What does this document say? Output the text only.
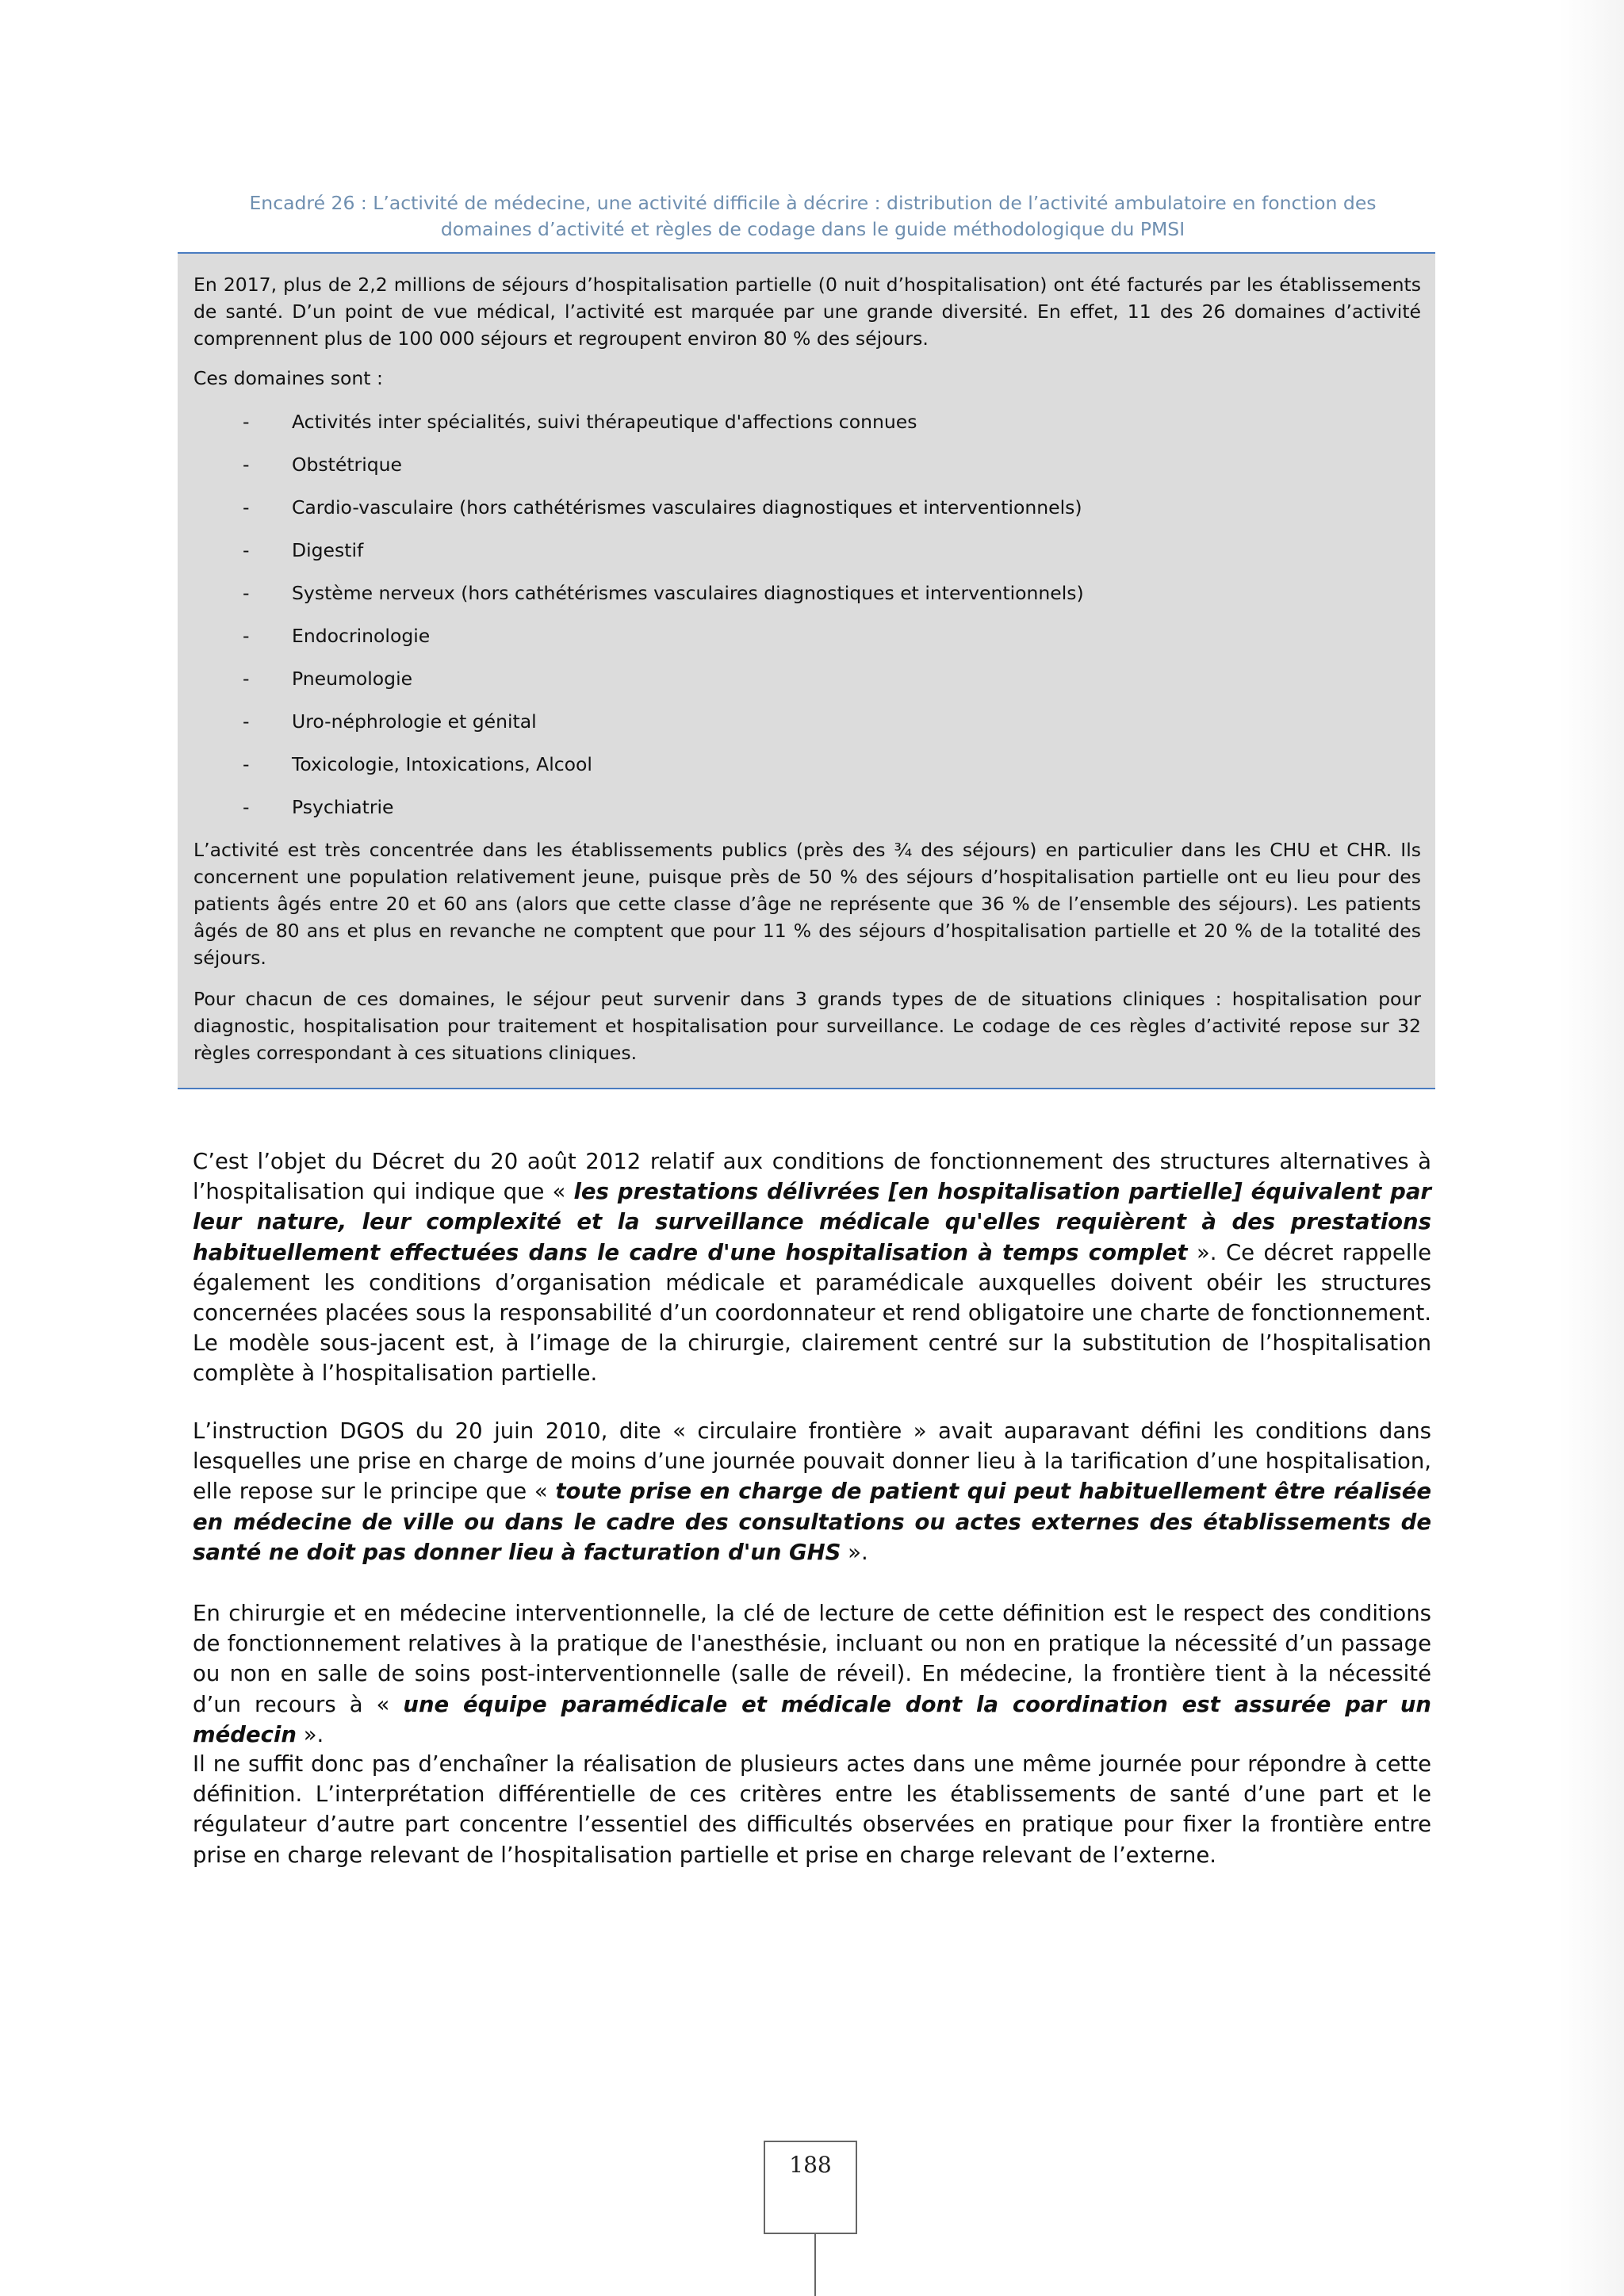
Encadré 26 : L’activité de médecine, une activité difficile à décrire : distribution de l’activité ambulatoire en fonction des
domaines d’activité et règles de codage dans le guide méthodologique du PMSI

En 2017, plus de 2,2 millions de séjours d’hospitalisation partielle (0 nuit d’hospitalisation) ont été facturés par les établissements de santé. D’un point de vue médical, l’activité est marquée par une grande diversité. En effet, 11 des 26 domaines d’activité comprennent plus de 100 000 séjours et regroupent environ 80 % des séjours.

Ces domaines sont :

- Activités inter spécialités, suivi thérapeutique d'affections connues
- Obstétrique
- Cardio-vasculaire (hors cathétérismes vasculaires diagnostiques et interventionnels)
- Digestif
- Système nerveux (hors cathétérismes vasculaires diagnostiques et interventionnels)
- Endocrinologie
- Pneumologie
- Uro-néphrologie et génital
- Toxicologie, Intoxications, Alcool
- Psychiatrie

L’activité est très concentrée dans les établissements publics (près des ¾ des séjours) en particulier dans les CHU et CHR. Ils concernent une population relativement jeune, puisque près de 50 % des séjours d’hospitalisation partielle ont eu lieu pour des patients âgés entre 20 et 60 ans (alors que cette classe d’âge ne représente que 36 % de l’ensemble des séjours). Les patients âgés de 80 ans et plus en revanche ne comptent que pour 11 % des séjours d’hospitalisation partielle et 20 % de la totalité des séjours.

Pour chacun de ces domaines, le séjour peut survenir dans 3 grands types de de situations cliniques : hospitalisation pour diagnostic, hospitalisation pour traitement et hospitalisation pour surveillance. Le codage de ces règles d’activité repose sur 32 règles correspondant à ces situations cliniques.

C’est l’objet du Décret du 20 août 2012 relatif aux conditions de fonctionnement des structures alternatives à l’hospitalisation qui indique que « les prestations délivrées [en hospitalisation partielle] équivalent par leur nature, leur complexité et la surveillance médicale qu'elles requièrent à des prestations habituellement effectuées dans le cadre d'une hospitalisation à temps complet ». Ce décret rappelle également les conditions d’organisation médicale et paramédicale auxquelles doivent obéir les structures concernées placées sous la responsabilité d’un coordonnateur et rend obligatoire une charte de fonctionnement. Le modèle sous-jacent est, à l’image de la chirurgie, clairement centré sur la substitution de l’hospitalisation complète à l’hospitalisation partielle.

L’instruction DGOS du 20 juin 2010, dite « circulaire frontière » avait auparavant défini les conditions dans lesquelles une prise en charge de moins d’une journée pouvait donner lieu à la tarification d’une hospitalisation, elle repose sur le principe que « toute prise en charge de patient qui peut habituellement être réalisée en médecine de ville ou dans le cadre des consultations ou actes externes des établissements de santé ne doit pas donner lieu à facturation d'un GHS ».

En chirurgie et en médecine interventionnelle, la clé de lecture de cette définition est le respect des conditions de fonctionnement relatives à la pratique de l'anesthésie, incluant ou non en pratique la nécessité d’un passage ou non en salle de soins post-interventionnelle (salle de réveil). En médecine, la frontière tient à la nécessité d’un recours à « une équipe paramédicale et médicale dont la coordination est assurée par un médecin ».

Il ne suffit donc pas d’enchaîner la réalisation de plusieurs actes dans une même journée pour répondre à cette définition. L’interprétation différentielle de ces critères entre les établissements de santé d’une part et le régulateur d’autre part concentre l’essentiel des difficultés observées en pratique pour fixer la frontière entre prise en charge relevant de l’hospitalisation partielle et prise en charge relevant de l’externe.

188
